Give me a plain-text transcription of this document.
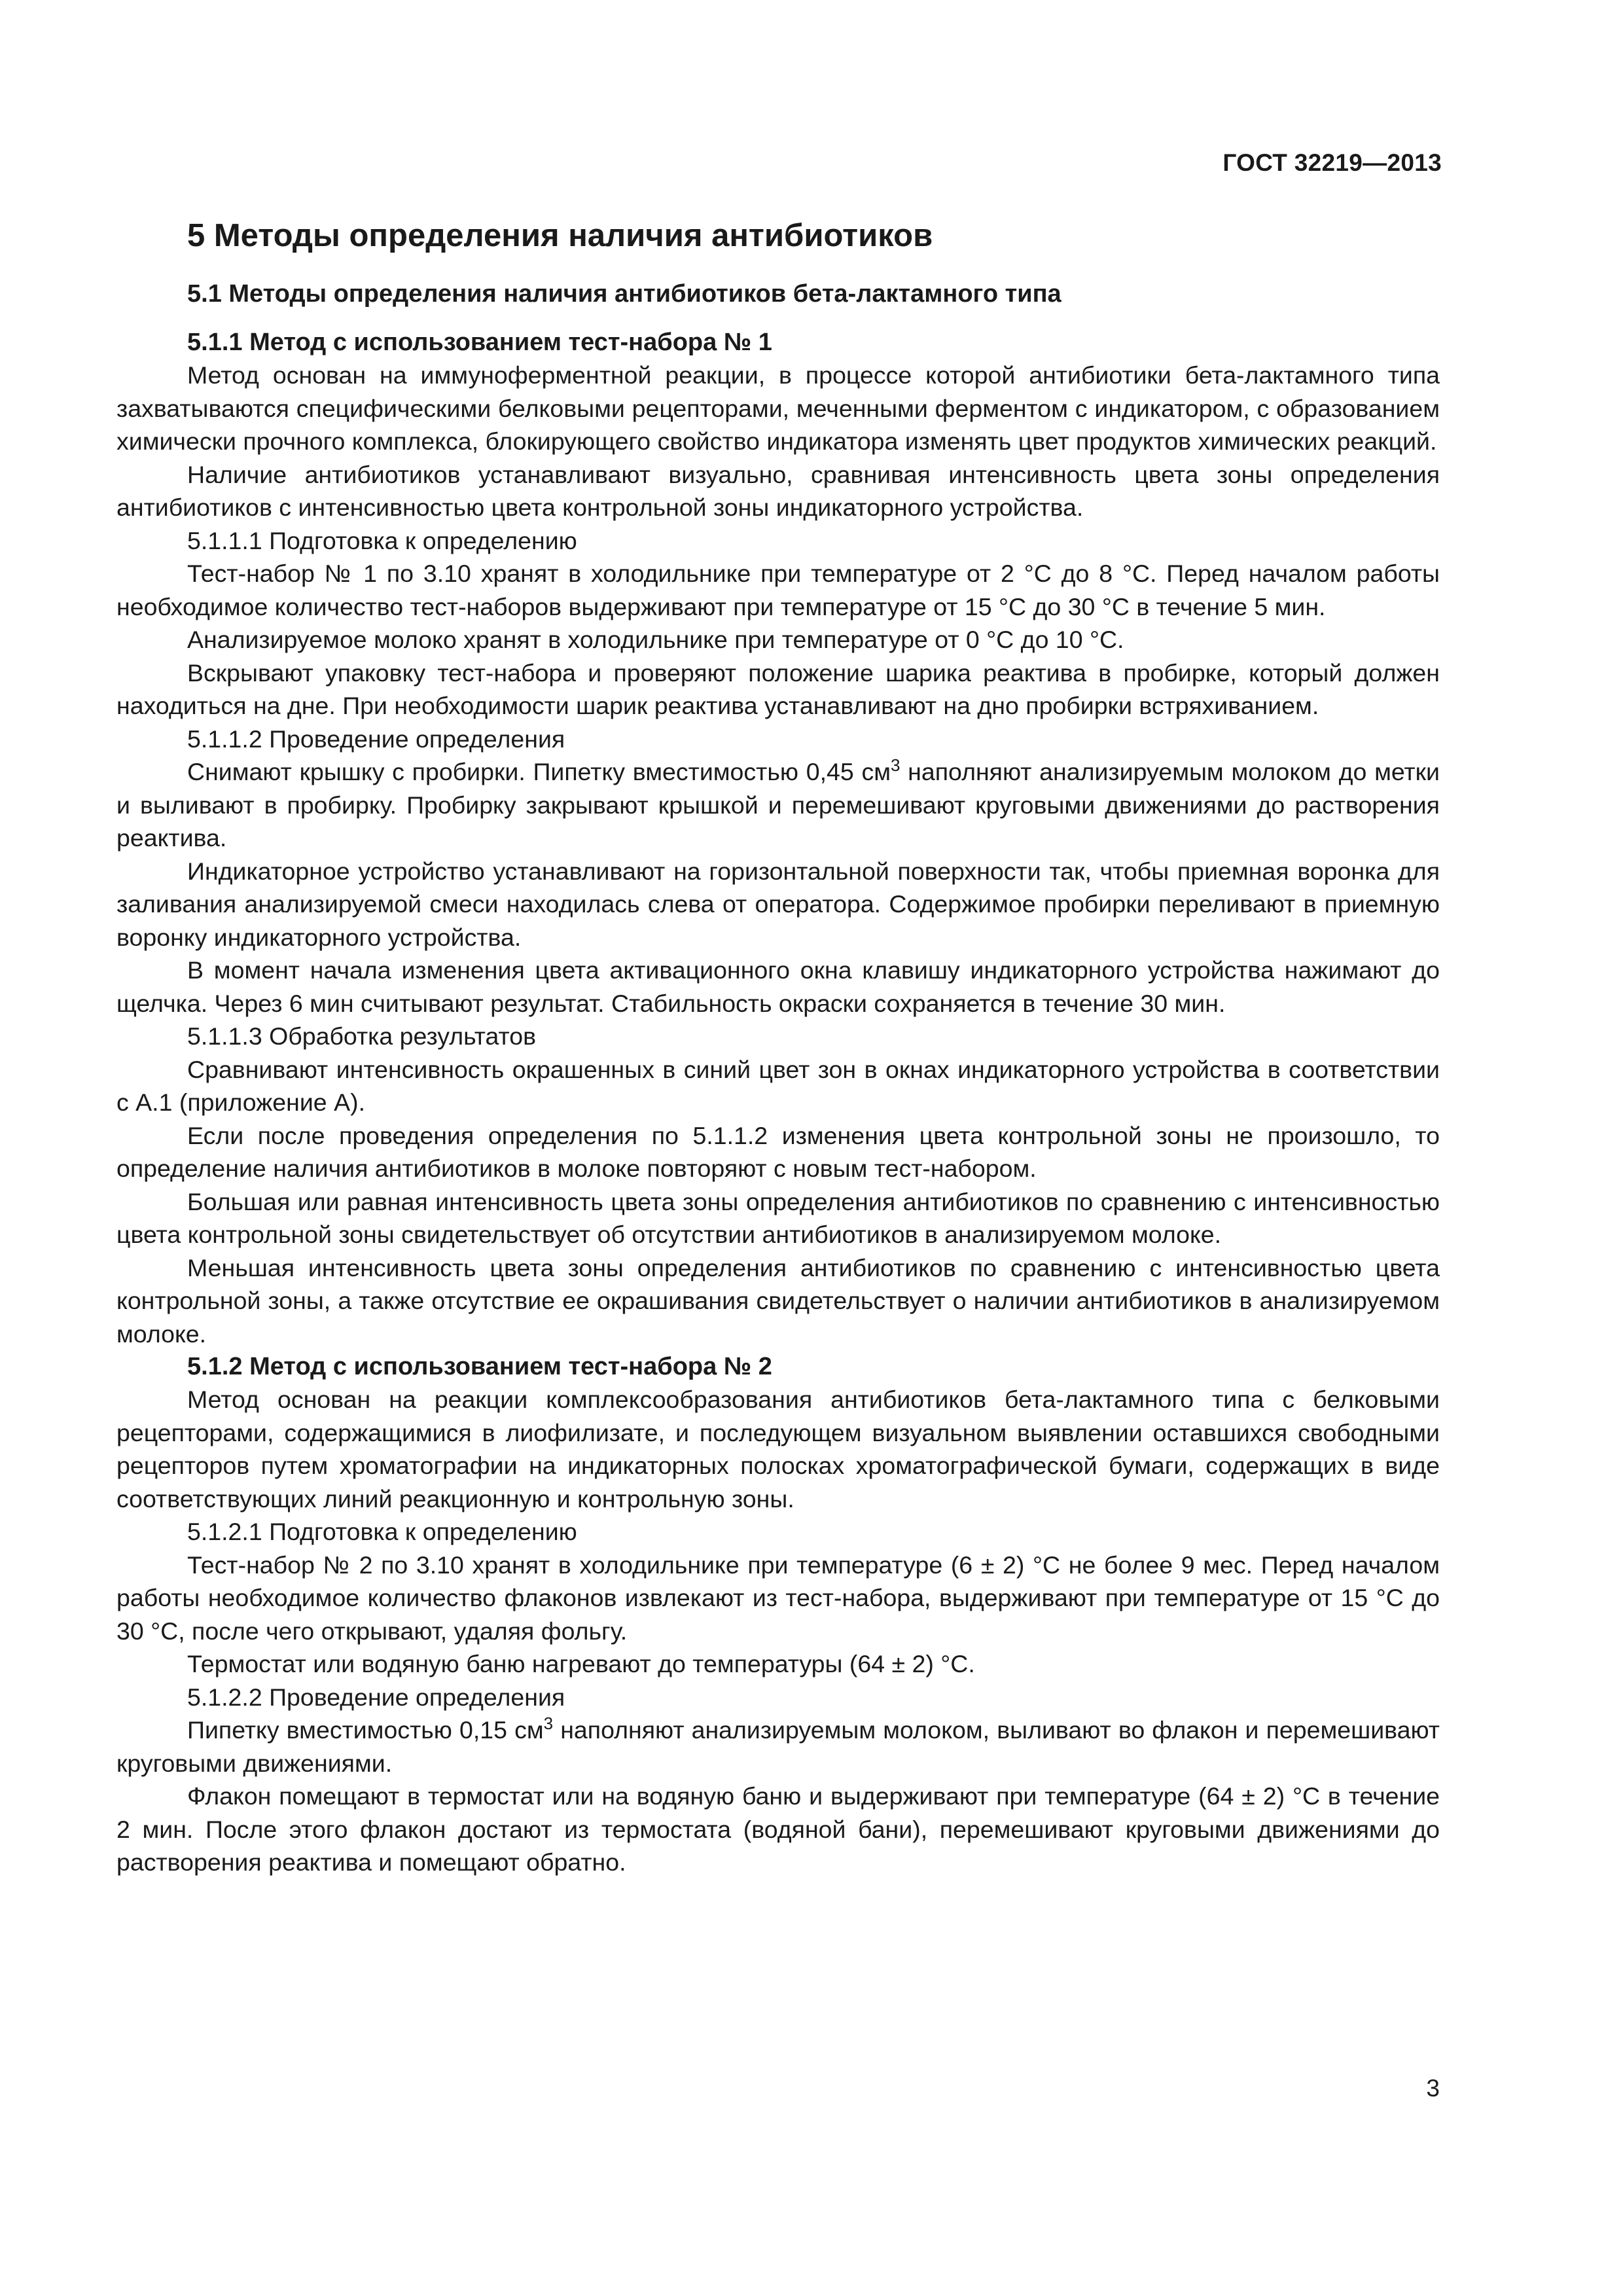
ГОСТ 32219—2013
5 Методы определения наличия антибиотиков
5.1 Методы определения наличия антибиотиков бета-лактамного типа
5.1.1 Метод с использованием тест-набора № 1

Метод основан на иммуноферментной реакции, в процессе которой антибиотики бета-лактамного типа захватываются специфическими белковыми рецепторами, меченными ферментом с индикатором, с образованием химически прочного комплекса, блокирующего свойство индикатора изменять цвет продуктов химических реакций.

Наличие антибиотиков устанавливают визуально, сравнивая интенсивность цвета зоны определения антибиотиков с интенсивностью цвета контрольной зоны индикаторного устройства.

5.1.1.1 Подготовка к определению

Тест-набор № 1 по 3.10 хранят в холодильнике при температуре от 2 °С до 8 °С. Перед началом работы необходимое количество тест-наборов выдерживают при температуре от 15 °С до 30 °С в течение 5 мин.

Анализируемое молоко хранят в холодильнике при температуре от 0 °С до 10 °С.

Вскрывают упаковку тест-набора и проверяют положение шарика реактива в пробирке, который должен находиться на дне. При необходимости шарик реактива устанавливают на дно пробирки встряхиванием.

5.1.1.2 Проведение определения

Снимают крышку с пробирки. Пипетку вместимостью 0,45 $см^3$ наполняют анализируемым молоком до метки и выливают в пробирку. Пробирку закрывают крышкой и перемешивают круговыми движениями до растворения реактива.

Индикаторное устройство устанавливают на горизонтальной поверхности так, чтобы приемная воронка для заливания анализируемой смеси находилась слева от оператора. Содержимое пробирки переливают в приемную воронку индикаторного устройства.

В момент начала изменения цвета активационного окна клавишу индикаторного устройства нажимают до щелчка. Через 6 мин считывают результат. Стабильность окраски сохраняется в течение 30 мин.

5.1.1.3 Обработка результатов

Сравнивают интенсивность окрашенных в синий цвет зон в окнах индикаторного устройства в соответствии с А.1 (приложение А).

Если после проведения определения по 5.1.1.2 изменения цвета контрольной зоны не произошло, то определение наличия антибиотиков в молоке повторяют с новым тест-набором.

Большая или равная интенсивность цвета зоны определения антибиотиков по сравнению с интенсивностью цвета контрольной зоны свидетельствует об отсутствии антибиотиков в анализируемом молоке.

Меньшая интенсивность цвета зоны определения антибиотиков по сравнению с интенсивностью цвета контрольной зоны, а также отсутствие ее окрашивания свидетельствует о наличии антибиотиков в анализируемом молоке.

5.1.2 Метод с использованием тест-набора № 2

Метод основан на реакции комплексообразования антибиотиков бета-лактамного типа с белковыми рецепторами, содержащимися в лиофилизате, и последующем визуальном выявлении оставшихся свободными рецепторов путем хроматографии на индикаторных полосках хроматографической бумаги, содержащих в виде соответствующих линий реакционную и контрольную зоны.

5.1.2.1 Подготовка к определению

Тест-набор № 2 по 3.10 хранят в холодильнике при температуре (6 ± 2) °С не более 9 мес. Перед началом работы необходимое количество флаконов извлекают из тест-набора, выдерживают при температуре от 15 °С до 30 °С, после чего открывают, удаляя фольгу.

Термостат или водяную баню нагревают до температуры (64 ± 2) °С.

5.1.2.2 Проведение определения

Пипетку вместимостью 0,15 $см^3$ наполняют анализируемым молоком, выливают во флакон и перемешивают круговыми движениями.

Флакон помещают в термостат или на водяную баню и выдерживают при температуре (64 ± 2) °С в течение 2 мин. После этого флакон достают из термостата (водяной бани), перемешивают круговыми движениями до растворения реактива и помещают обратно.

3
